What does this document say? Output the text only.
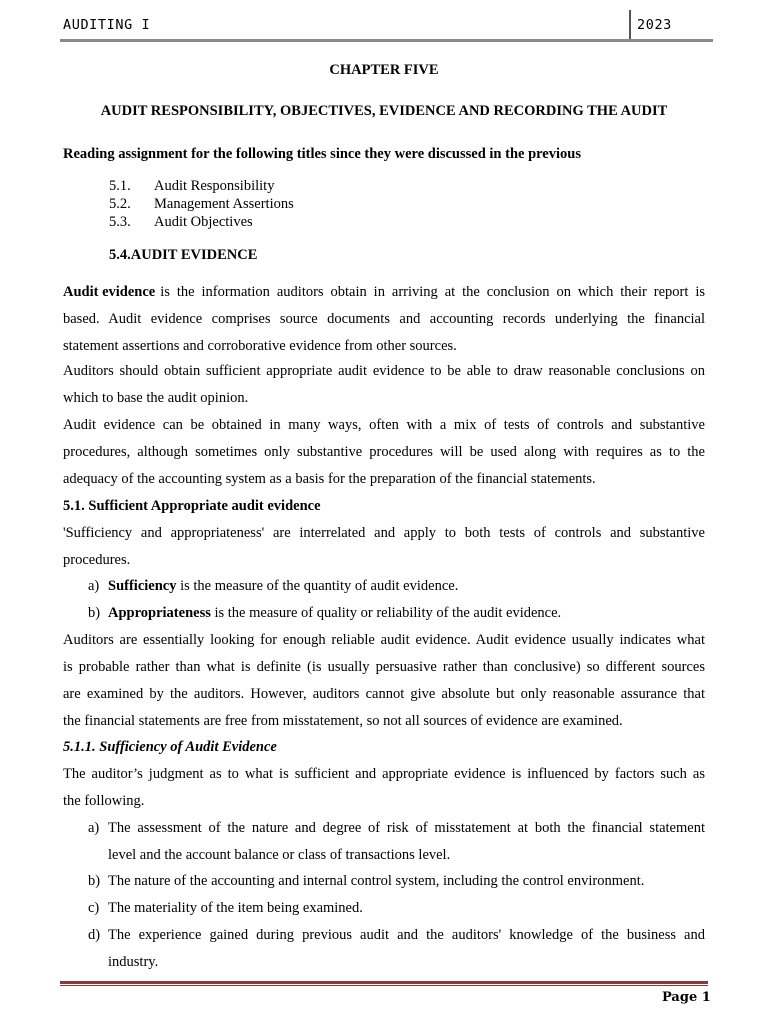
AUDITING I	2023
CHAPTER FIVE
AUDIT RESPONSIBILITY, OBJECTIVES, EVIDENCE AND RECORDING THE AUDIT
Reading assignment for the following titles since they were discussed in the previous
5.1. Audit Responsibility
5.2. Management Assertions
5.3. Audit Objectives
5.4.AUDIT EVIDENCE
Audit evidence is the information auditors obtain in arriving at the conclusion on which their report is
based. Audit evidence comprises source documents and accounting records underlying the financial
statement assertions and corroborative evidence from other sources.
Auditors should obtain sufficient appropriate audit evidence to be able to draw reasonable conclusions on
which to base the audit opinion.
Audit evidence can be obtained in many ways, often with a mix of tests of controls and substantive
procedures, although sometimes only substantive procedures will be used along with requires as to the
adequacy of the accounting system as a basis for the preparation of the financial statements.
5.1. Sufficient Appropriate audit evidence
'Sufficiency and appropriateness' are interrelated and apply to both tests of controls and substantive
procedures.
a) Sufficiency is the measure of the quantity of audit evidence.
b) Appropriateness is the measure of quality or reliability of the audit evidence.
Auditors are essentially looking for enough reliable audit evidence. Audit evidence usually indicates what
is probable rather than what is definite (is usually persuasive rather than conclusive) so different sources
are examined by the auditors. However, auditors cannot give absolute but only reasonable assurance that
the financial statements are free from misstatement, so not all sources of evidence are examined.
5.1.1. Sufficiency of Audit Evidence
The auditor’s judgment as to what is sufficient and appropriate evidence is influenced by factors such as
the following.
a) The assessment of the nature and degree of risk of misstatement at both the financial statement
level and the account balance or class of transactions level.
b) The nature of the accounting and internal control system, including the control environment.
c) The materiality of the item being examined.
d) The experience gained during previous audit and the auditors' knowledge of the business and
industry.
Page 1
